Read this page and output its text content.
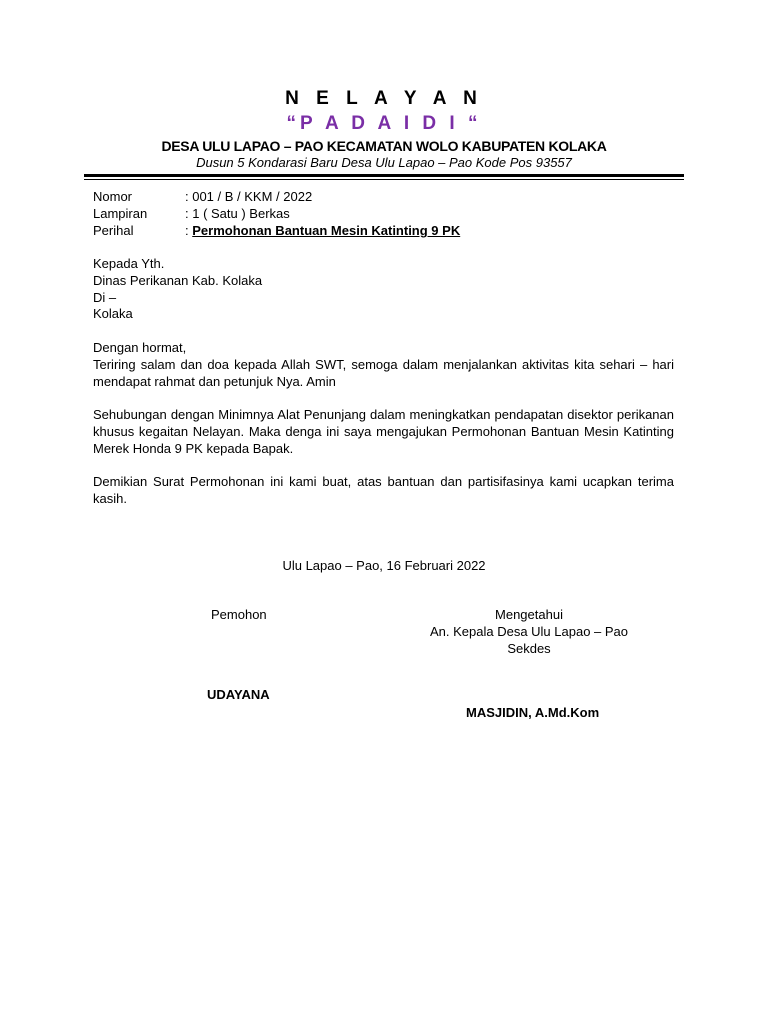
N E L A Y A N
“P A D A I D I “
DESA ULU LAPAO – PAO KECAMATAN WOLO KABUPATEN KOLAKA
Dusun 5 Kondarasi Baru Desa Ulu Lapao – Pao Kode Pos 93557
Nomor	: 001 / B / KKM / 2022
Lampiran	: 1 ( Satu ) Berkas
Perihal	: Permohonan Bantuan Mesin Katinting 9 PK
Kepada Yth.
Dinas Perikanan Kab. Kolaka
Di –
Kolaka
Dengan hormat,
Teriring salam dan doa kepada Allah SWT, semoga dalam menjalankan aktivitas kita sehari – hari mendapat rahmat dan petunjuk Nya. Amin
Sehubungan dengan Minimnya Alat Penunjang dalam meningkatkan pendapatan disektor perikanan khusus kegaitan Nelayan. Maka denga ini saya mengajukan Permohonan Bantuan Mesin Katinting Merek Honda 9 PK kepada Bapak.
Demikian Surat Permohonan ini kami buat, atas bantuan dan partisifasinya kami ucapkan terima kasih.
Ulu Lapao – Pao, 16 Februari 2022
Pemohon
UDAYANA
Mengetahui
An. Kepala Desa Ulu Lapao – Pao
Sekdes
MASJIDIN, A.Md.Kom
